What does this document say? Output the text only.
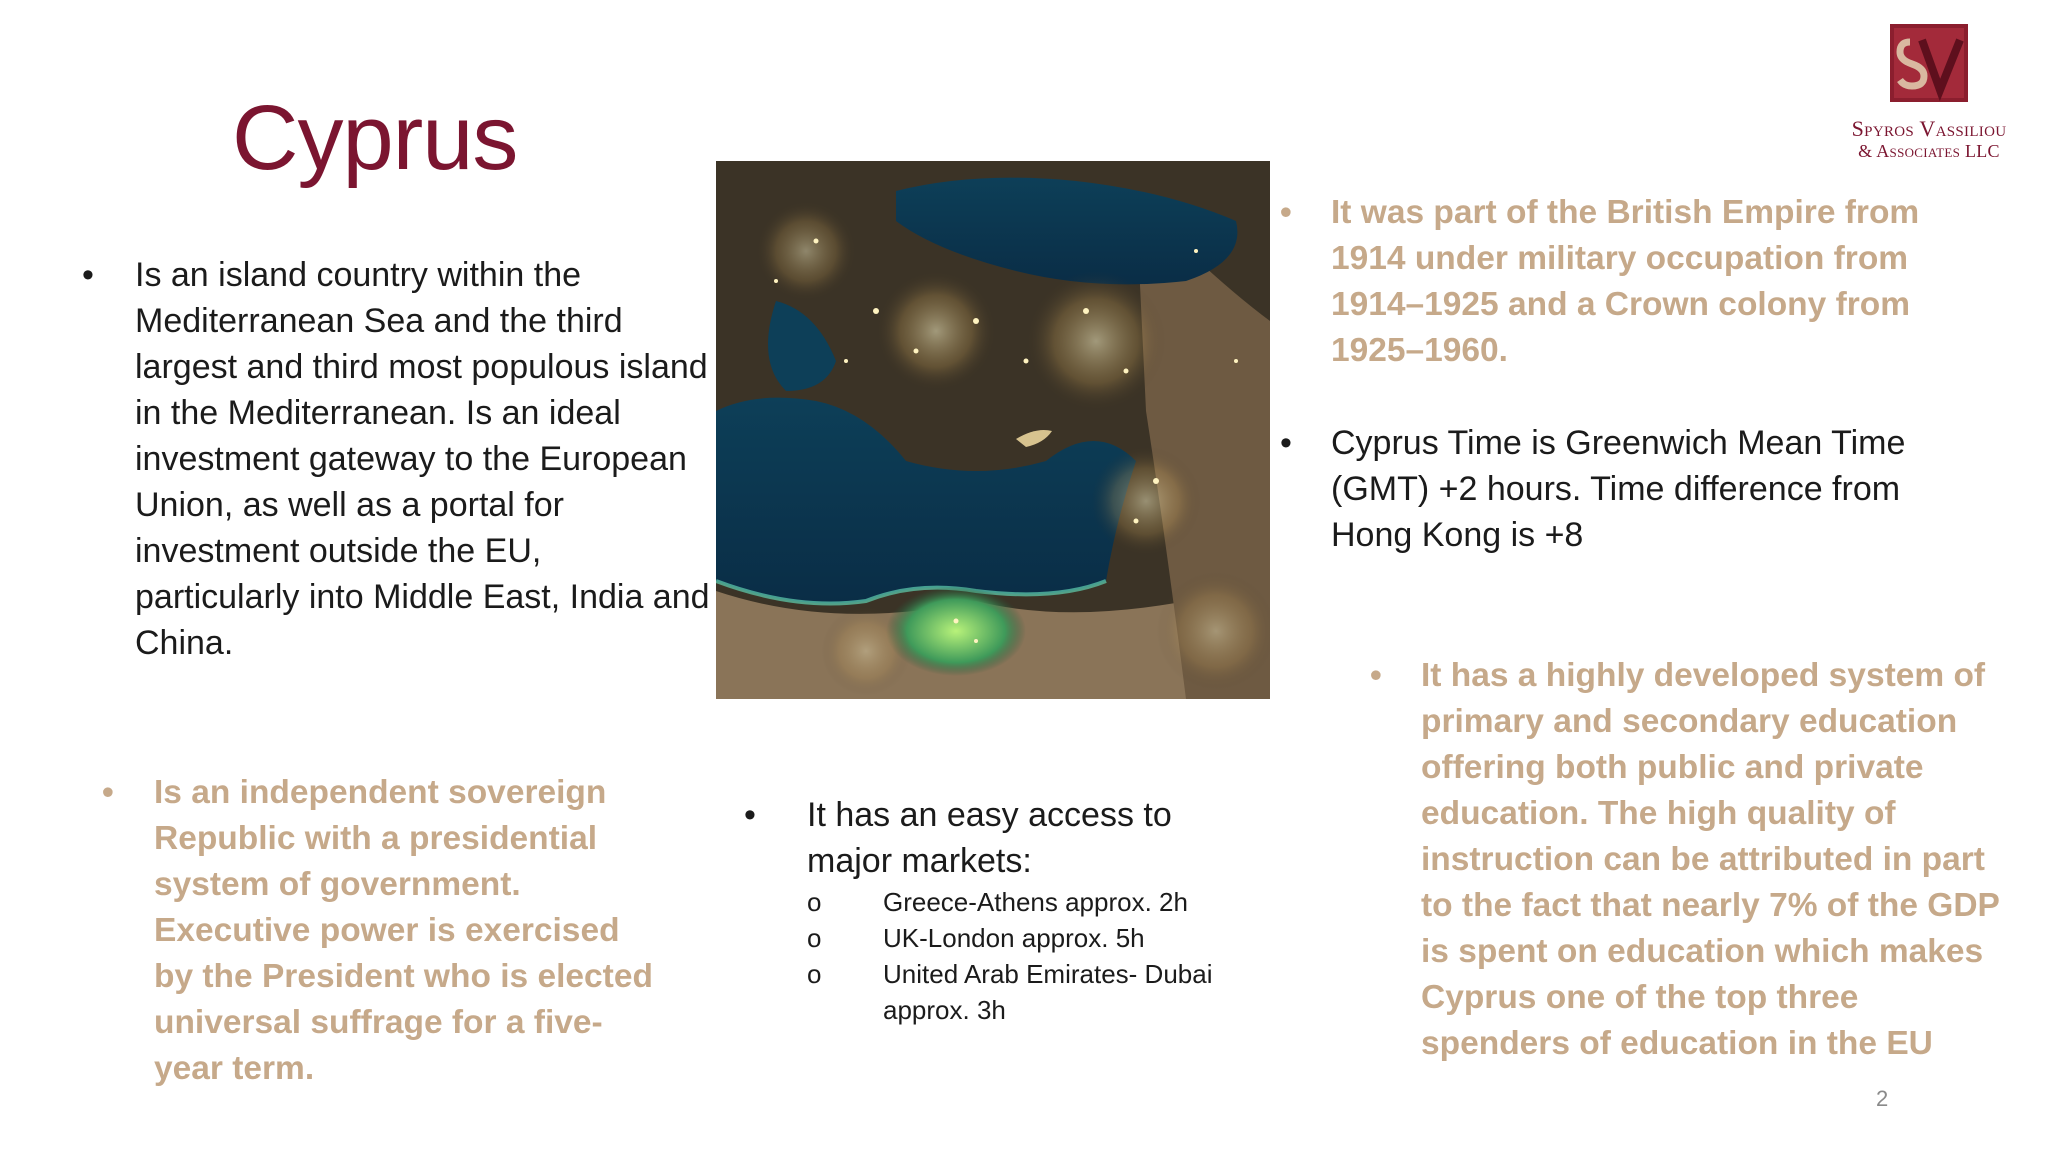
Cyprus	Spyros Vassiliou
& Associates LLC
• Is an island country within the Mediterranean Sea and the third largest and third most populous island in the Mediterranean. Is an ideal investment gateway to the European Union, as well as a portal for investment outside the EU, particularly into Middle East, India and China.
• Is an independent sovereign Republic with a presidential system of government. Executive power is exercised by the President who is elected universal suffrage for a five-year term.
• It has an easy access to major markets:
o Greece-Athens approx. 2h
o UK-London approx. 5h
o United Arab Emirates- Dubai approx. 3h
• It was part of the British Empire from 1914 under military occupation from 1914–1925 and a Crown colony from 1925–1960.
• Cyprus Time is Greenwich Mean Time (GMT) +2 hours. Time difference from Hong Kong is +8
• It has a highly developed system of primary and secondary education offering both public and private education. The high quality of instruction can be attributed in part to the fact that nearly 7% of the GDP is spent on education which makes Cyprus one of the top three spenders of education in the EU
2
